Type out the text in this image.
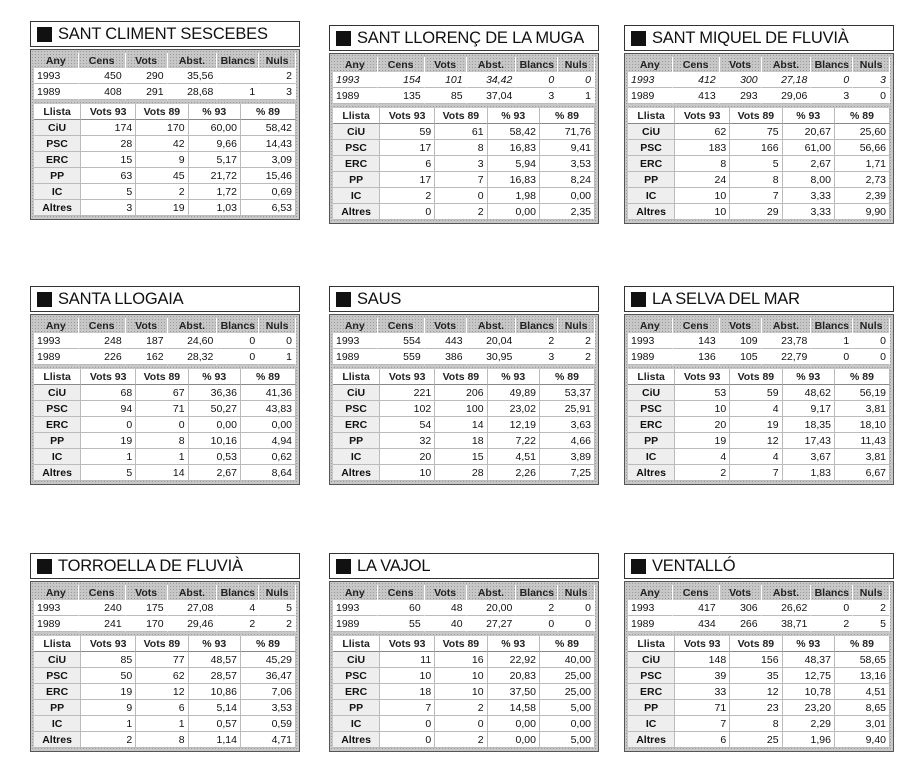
SANT CLIMENT SESCEBES
Any	Cens	Vots	Abst.	Blancs	Nuls
1993	450	290	35,56		2
1989	408	291	28,68	1	3
Llista	Vots 93	Vots 89	% 93	% 89
CiU	174	170	60,00	58,42
PSC	28	42	9,66	14,43
ERC	15	9	5,17	3,09
PP	63	45	21,72	15,46
IC	5	2	1,72	0,69
Altres	3	19	1,03	6,53
SANT LLORENÇ DE LA MUGA
Any	Cens	Vots	Abst.	Blancs	Nuls
1993	154	101	34,42	0	0
1989	135	85	37,04	3	1
Llista	Vots 93	Vots 89	% 93	% 89
CiU	59	61	58,42	71,76
PSC	17	8	16,83	9,41
ERC	6	3	5,94	3,53
PP	17	7	16,83	8,24
IC	2	0	1,98	0,00
Altres	0	2	0,00	2,35
SANT MIQUEL DE FLUVIÀ
Any	Cens	Vots	Abst.	Blancs	Nuls
1993	412	300	27,18	0	3
1989	413	293	29,06	3	0
Llista	Vots 93	Vots 89	% 93	% 89
CiU	62	75	20,67	25,60
PSC	183	166	61,00	56,66
ERC	8	5	2,67	1,71
PP	24	8	8,00	2,73
IC	10	7	3,33	2,39
Altres	10	29	3,33	9,90
SANTA LLOGAIA
Any	Cens	Vots	Abst.	Blancs	Nuls
1993	248	187	24,60	0	0
1989	226	162	28,32	0	1
Llista	Vots 93	Vots 89	% 93	% 89
CiU	68	67	36,36	41,36
PSC	94	71	50,27	43,83
ERC	0	0	0,00	0,00
PP	19	8	10,16	4,94
IC	1	1	0,53	0,62
Altres	5	14	2,67	8,64
SAUS
Any	Cens	Vots	Abst.	Blancs	Nuls
1993	554	443	20,04	2	2
1989	559	386	30,95	3	2
Llista	Vots 93	Vots 89	% 93	% 89
CiU	221	206	49,89	53,37
PSC	102	100	23,02	25,91
ERC	54	14	12,19	3,63
PP	32	18	7,22	4,66
IC	20	15	4,51	3,89
Altres	10	28	2,26	7,25
LA SELVA DEL MAR
Any	Cens	Vots	Abst.	Blancs	Nuls
1993	143	109	23,78	1	0
1989	136	105	22,79	0	0
Llista	Vots 93	Vots 89	% 93	% 89
CiU	53	59	48,62	56,19
PSC	10	4	9,17	3,81
ERC	20	19	18,35	18,10
PP	19	12	17,43	11,43
IC	4	4	3,67	3,81
Altres	2	7	1,83	6,67
TORROELLA DE FLUVIÀ
Any	Cens	Vots	Abst.	Blancs	Nuls
1993	240	175	27,08	4	5
1989	241	170	29,46	2	2
Llista	Vots 93	Vots 89	% 93	% 89
CiU	85	77	48,57	45,29
PSC	50	62	28,57	36,47
ERC	19	12	10,86	7,06
PP	9	6	5,14	3,53
IC	1	1	0,57	0,59
Altres	2	8	1,14	4,71
LA VAJOL
Any	Cens	Vots	Abst.	Blancs	Nuls
1993	60	48	20,00	2	0
1989	55	40	27,27	0	0
Llista	Vots 93	Vots 89	% 93	% 89
CiU	11	16	22,92	40,00
PSC	10	10	20,83	25,00
ERC	18	10	37,50	25,00
PP	7	2	14,58	5,00
IC	0	0	0,00	0,00
Altres	0	2	0,00	5,00
VENTALLÓ
Any	Cens	Vots	Abst.	Blancs	Nuls
1993	417	306	26,62	0	2
1989	434	266	38,71	2	5
Llista	Vots 93	Vots 89	% 93	% 89
CiU	148	156	48,37	58,65
PSC	39	35	12,75	13,16
ERC	33	12	10,78	4,51
PP	71	23	23,20	8,65
IC	7	8	2,29	3,01
Altres	6	25	1,96	9,40
